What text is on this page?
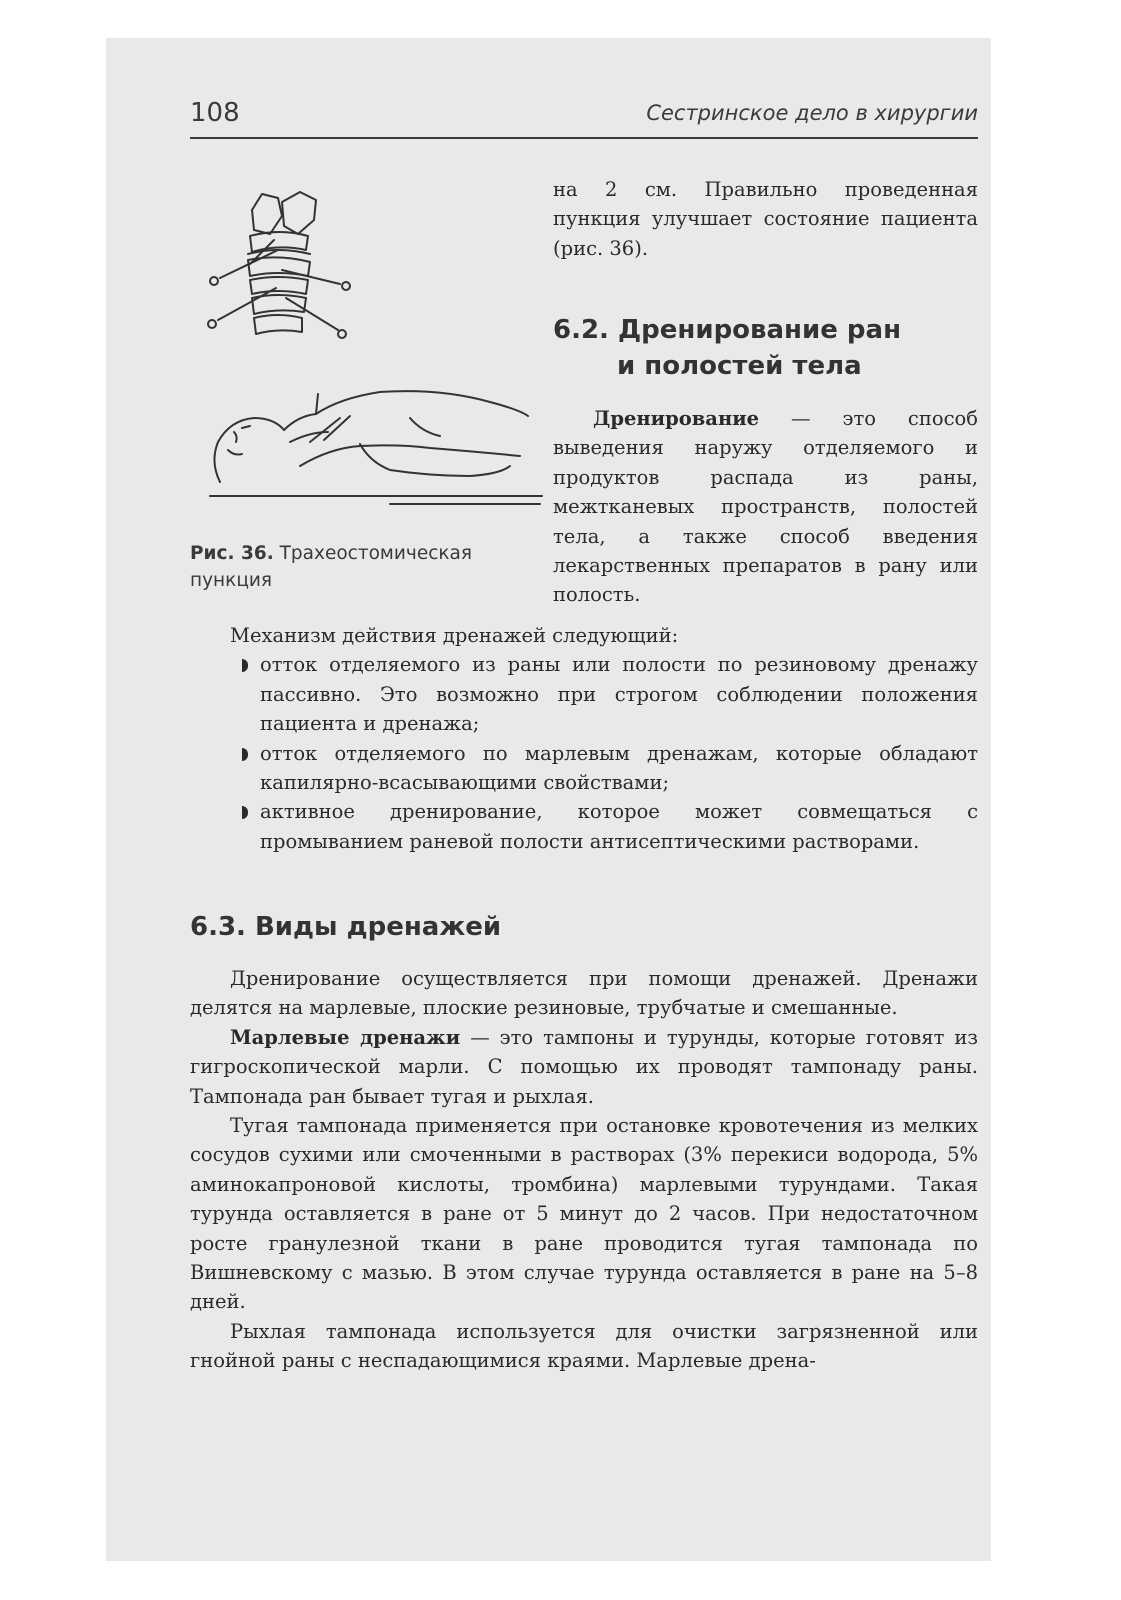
108	Сестринское дело в хирургии
Рис. 36. Трахеостомическая пункция

на 2 см. Правильно проведенная пункция улучшает состояние пациента (рис. 36).

6.2. Дренирование ран
и полостей тела

Дренирование — это способ выведения наружу отделяемого и продуктов распада из раны, межтканевых пространств, полостей тела, а также способ введения лекарственных препаратов в рану или полость.

Механизм действия дренажей следующий:

отток отделяемого из раны или полости по резиновому дренажу пассивно. Это возможно при строгом соблюдении положения пациента и дренажа;

отток отделяемого по марлевым дренажам, которые обладают капилярно-всасывающими свойствами;

активное дренирование, которое может совмещаться с промыванием раневой полости антисептическими растворами.

6.3. Виды дренажей

Дренирование осуществляется при помощи дренажей. Дренажи делятся на марлевые, плоские резиновые, трубчатые и смешанные.

Марлевые дренажи — это тампоны и турунды, которые готовят из гигроскопической марли. С помощью их проводят тампонаду раны. Тампонада ран бывает тугая и рыхлая.

Тугая тампонада применяется при остановке кровотечения из мелких сосудов сухими или смоченными в растворах (3% перекиси водорода, 5% аминокапроновой кислоты, тромбина) марлевыми турундами. Такая турунда оставляется в ране от 5 минут до 2 часов. При недостаточном росте гранулезной ткани в ране проводится тугая тампонада по Вишневскому с мазью. В этом случае турунда оставляется в ране на 5–8 дней.

Рыхлая тампонада используется для очистки загрязненной или гнойной раны с неспадающимися краями. Марлевые дрена-
